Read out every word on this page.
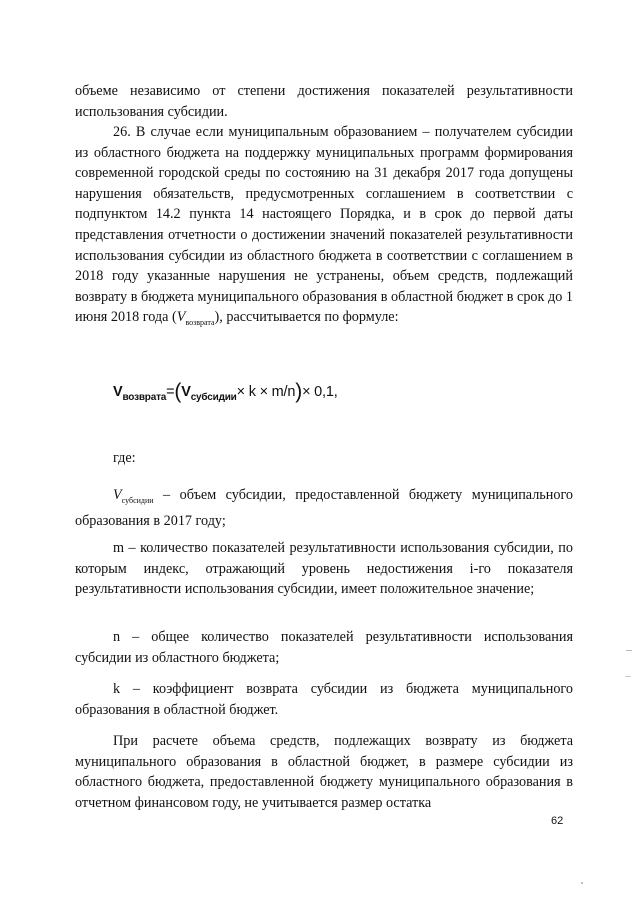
объеме независимо от степени достижения показателей результативности использования субсидии.

26. В случае если муниципальным образованием – получателем субсидии из областного бюджета на поддержку муниципальных программ формирования современной городской среды по состоянию на 31 декабря 2017 года допущены нарушения обязательств, предусмотренных соглашением в соответствии с подпунктом 14.2 пункта 14 настоящего Порядка, и в срок до первой даты представления отчетности о достижении значений показателей результативности использования субсидии из областного бюджета в соответствии с соглашением в 2018 году указанные нарушения не устранены, объем средств, подлежащий возврату в бюджета муниципального образования в областной бюджет в срок до 1 июня 2018 года $(V_{возврата})$, рассчитывается по формуле:

$V_{возврата}=(V_{субсидии}\times k \times m/n)\times 0,1$,
где:

$V_{субсидии}$ – объем субсидии, предоставленной бюджету муниципального образования в 2017 году;

m – количество показателей результативности использования субсидии, по которым индекс, отражающий уровень недостижения i-го показателя результативности использования субсидии, имеет положительное значение;

n – общее количество показателей результативности использования субсидии из областного бюджета;

k – коэффициент возврата субсидии из бюджета муниципального образования в областной бюджет.

При расчете объема средств, подлежащих возврату из бюджета муниципального образования в областной бюджет, в размере субсидии из областного бюджета, предоставленной бюджету муниципального образования в отчетном финансовом году, не учитывается размер остатка

62
